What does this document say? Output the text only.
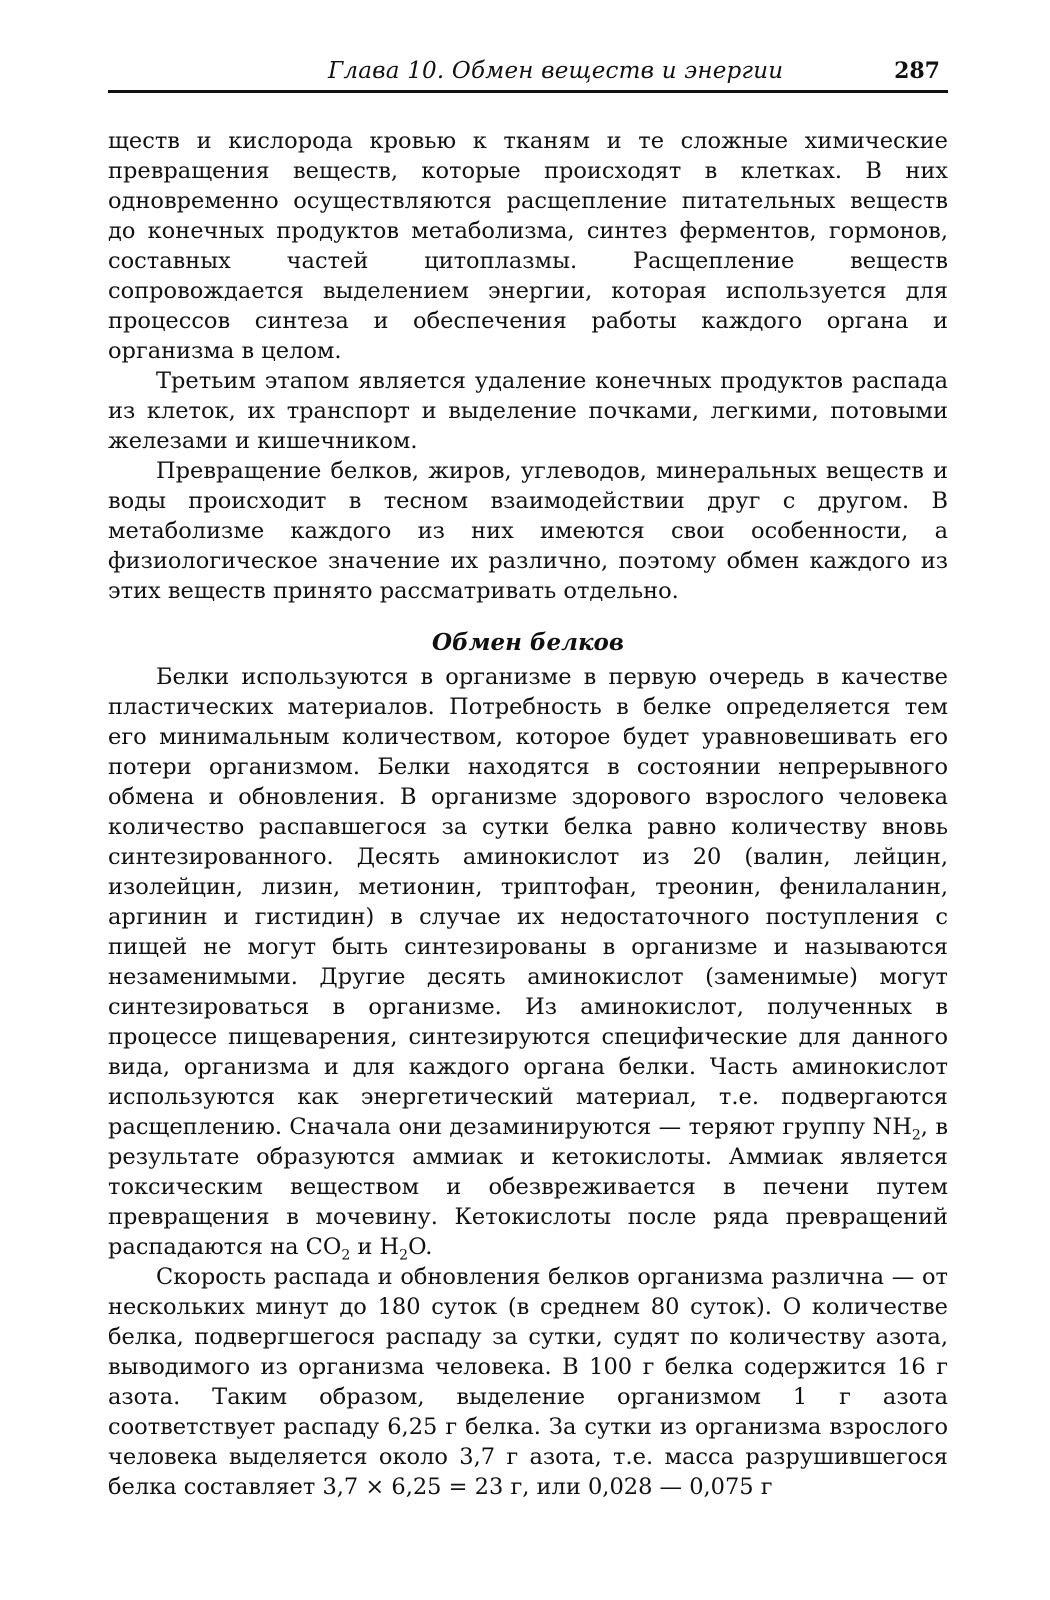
Глава 10. Обмен веществ и энергии	287

ществ и кислорода кровью к тканям и те сложные химические превращения веществ, которые происходят в клетках. В них одновременно осуществляются расщепление питательных веществ до конечных продуктов метаболизма, синтез ферментов, гормонов, составных частей цитоплазмы. Расщепление веществ сопровождается выделением энергии, которая используется для процессов синтеза и обеспечения работы каждого органа и организма в целом.

Третьим этапом является удаление конечных продуктов распада из клеток, их транспорт и выделение почками, легкими, потовыми железами и кишечником.

Превращение белков, жиров, углеводов, минеральных веществ и воды происходит в тесном взаимодействии друг с другом. В метаболизме каждого из них имеются свои особенности, а физиологическое значение их различно, поэтому обмен каждого из этих веществ принято рассматривать отдельно.

Обмен белков

Белки используются в организме в первую очередь в качестве пластических материалов. Потребность в белке определяется тем его минимальным количеством, которое будет уравновешивать его потери организмом. Белки находятся в состоянии непрерывного обмена и обновления. В организме здорового взрослого человека количество распавшегося за сутки белка равно количеству вновь синтезированного. Десять аминокислот из 20 (валин, лейцин, изолейцин, лизин, метионин, триптофан, треонин, фенилаланин, аргинин и гистидин) в случае их недостаточного поступления с пищей не могут быть синтезированы в организме и называются незаменимыми. Другие десять аминокислот (заменимые) могут синтезироваться в организме. Из аминокислот, полученных в процессе пищеварения, синтезируются специфические для данного вида, организма и для каждого органа белки. Часть аминокислот используются как энергетический материал, т.е. подвергаются расщеплению. Сначала они дезаминируются — теряют группу $NH_2$, в результате образуются аммиак и кетокислоты. Аммиак является токсическим веществом и обезвреживается в печени путем превращения в мочевину. Кетокислоты после ряда превращений распадаются на $CO_2$ и $H_2O$.

Скорость распада и обновления белков организма различна — от нескольких минут до 180 суток (в среднем 80 суток). О количестве белка, подвергшегося распаду за сутки, судят по количеству азота, выводимого из организма человека. В 100 г белка содержится 16 г азота. Таким образом, выделение организмом 1 г азота соответствует распаду 6,25 г белка. За сутки из организма взрослого человека выделяется около 3,7 г азота, т.е. масса разрушившегося белка составляет 3,7 × 6,25 = 23 г, или 0,028 — 0,075 г
